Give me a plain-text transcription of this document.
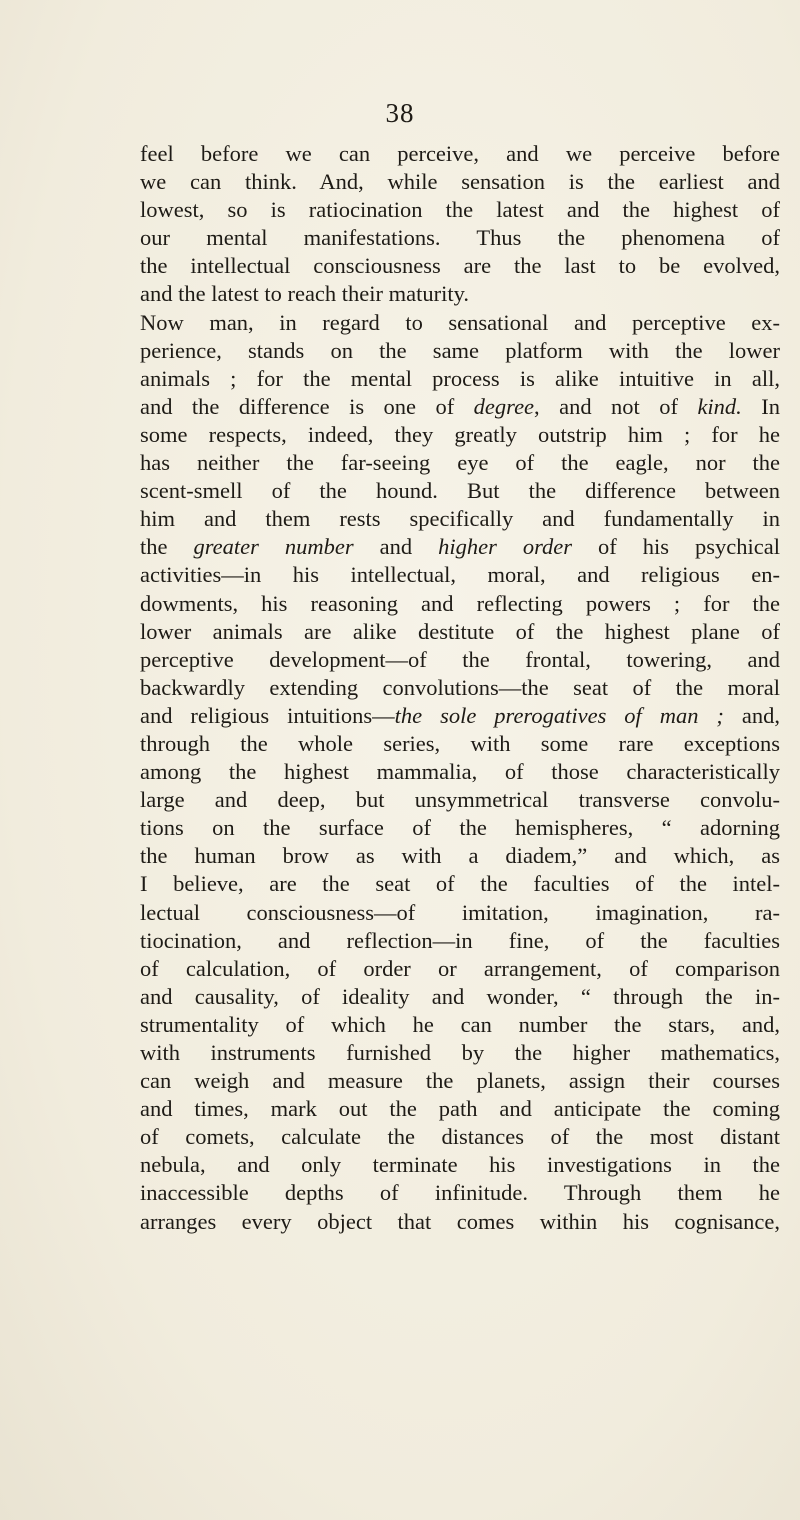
38
feel before we can perceive, and we perceive before
we can think. And, while sensation is the earliest and
lowest, so is ratiocination the latest and the highest of
our mental manifestations. Thus the phenomena of
the intellectual consciousness are the last to be evolved,
and the latest to reach their maturity.
Now man, in regard to sensational and perceptive ex-
perience, stands on the same platform with the lower
animals ; for the mental process is alike intuitive in all,
and the difference is one of degree, and not of kind. In
some respects, indeed, they greatly outstrip him ; for he
has neither the far-seeing eye of the eagle, nor the
scent-smell of the hound. But the difference between
him and them rests specifically and fundamentally in
the greater number and higher order of his psychical
activities—in his intellectual, moral, and religious en-
dowments, his reasoning and reflecting powers ; for the
lower animals are alike destitute of the highest plane of
perceptive development—of the frontal, towering, and
backwardly extending convolutions—the seat of the moral
and religious intuitions—the sole prerogatives of man ; and,
through the whole series, with some rare exceptions
among the highest mammalia, of those characteristically
large and deep, but unsymmetrical transverse convolu-
tions on the surface of the hemispheres, “ adorning
the human brow as with a diadem,” and which, as
I believe, are the seat of the faculties of the intel-
lectual consciousness—of imitation, imagination, ra-
tiocination, and reflection—in fine, of the faculties
of calculation, of order or arrangement, of comparison
and causality, of ideality and wonder, “ through the in-
strumentality of which he can number the stars, and,
with instruments furnished by the higher mathematics,
can weigh and measure the planets, assign their courses
and times, mark out the path and anticipate the coming
of comets, calculate the distances of the most distant
nebula, and only terminate his investigations in the
inaccessible depths of infinitude. Through them he
arranges every object that comes within his cognisance,
